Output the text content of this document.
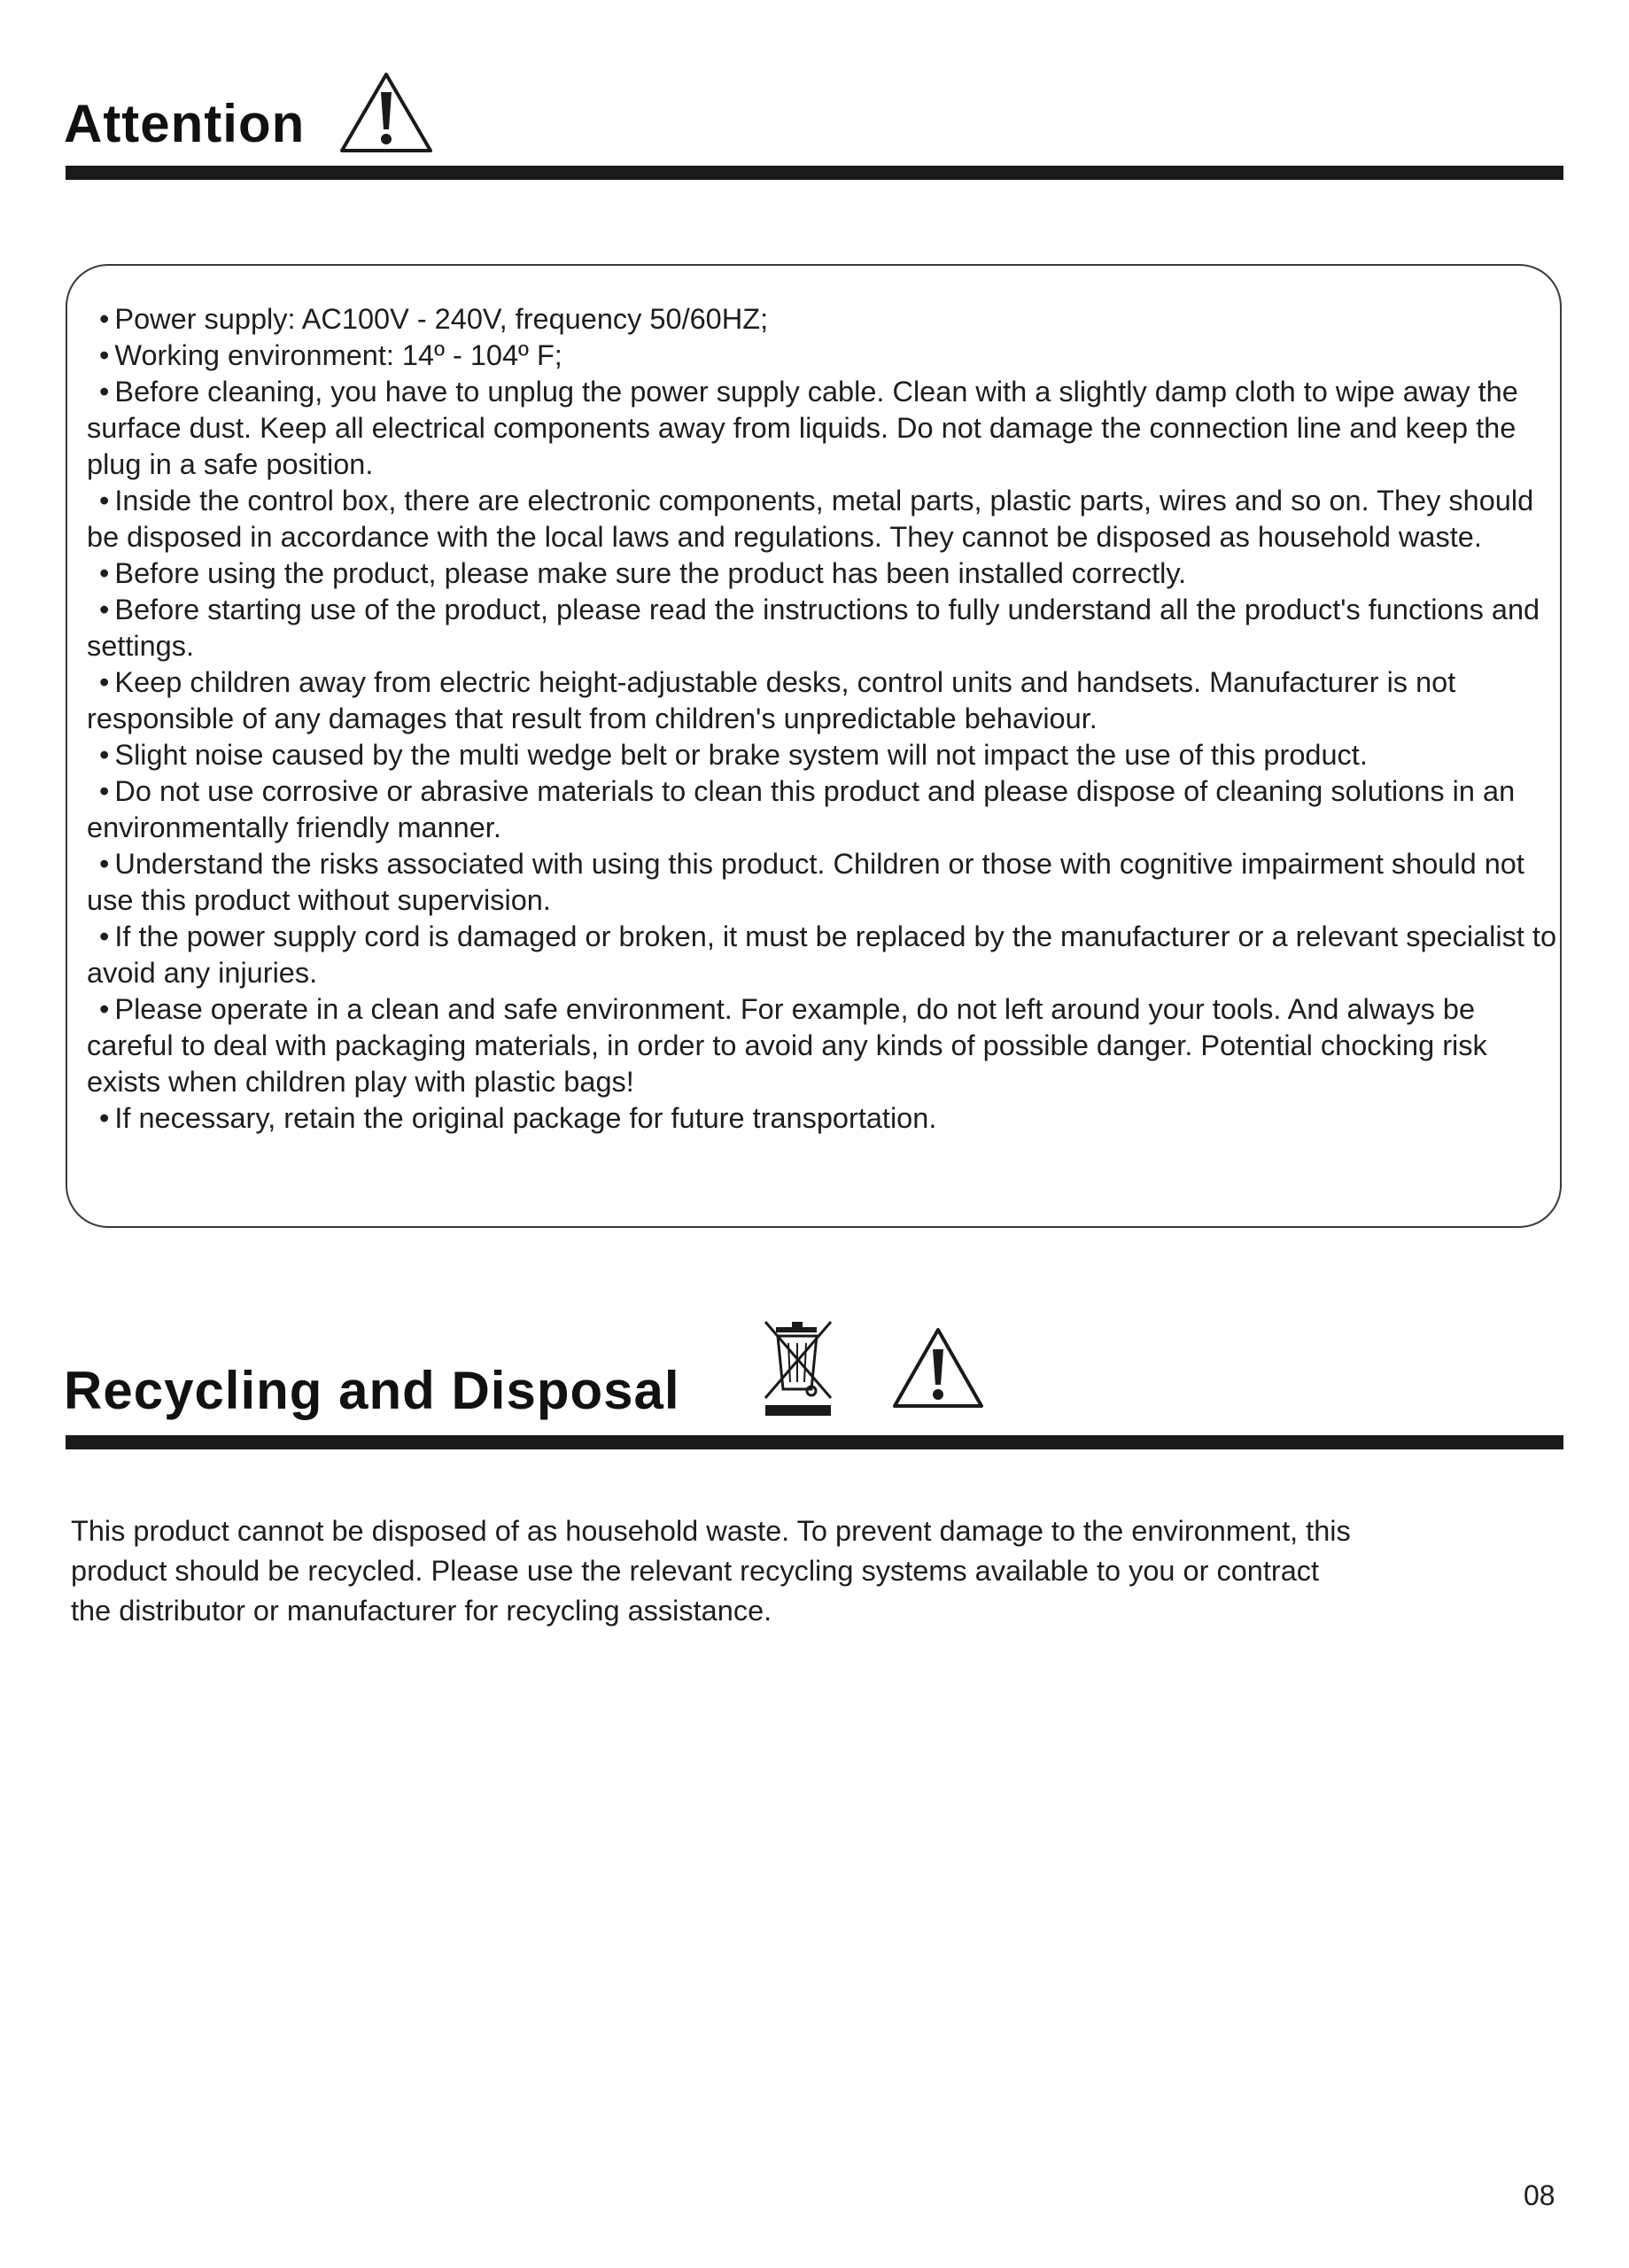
Attention
• Power supply: AC100V - 240V, frequency 50/60HZ;
• Working environment: 14º - 104º F;
• Before cleaning, you have to unplug the power supply cable. Clean with a slightly damp cloth to wipe away the surface dust. Keep all electrical components away from liquids. Do not damage the connection line and keep the plug in a safe position.
• Inside the control box, there are electronic components, metal parts, plastic parts, wires and so on. They should be disposed in accordance with the local laws and regulations. They cannot be disposed as household waste.
• Before using the product, please make sure the product has been installed correctly.
• Before starting use of the product, please read the instructions to fully understand all the product's functions and settings.
• Keep children away from electric height-adjustable desks, control units and handsets. Manufacturer is not responsible of any damages that result from children's unpredictable behaviour.
• Slight noise caused by the multi wedge belt or brake system will not impact the use of this product.
• Do not use corrosive or abrasive materials to clean this product and please dispose of cleaning solutions in an environmentally friendly manner.
• Understand the risks associated with using this product. Children or those with cognitive impairment should not use this product without supervision.
• If the power supply cord is damaged or broken, it must be replaced by the manufacturer or a relevant specialist to avoid any injuries.
• Please operate in a clean and safe environment. For example, do not left around your tools. And always be careful to deal with packaging materials, in order to avoid any kinds of possible danger. Potential chocking risk exists when children play with plastic bags!
• If necessary, retain the original package for future transportation.
Recycling and Disposal

This product cannot be disposed of as household waste. To prevent damage to the environment, this
product should be recycled. Please use the relevant recycling systems available to you or contract
the distributor or manufacturer for recycling assistance.

08
